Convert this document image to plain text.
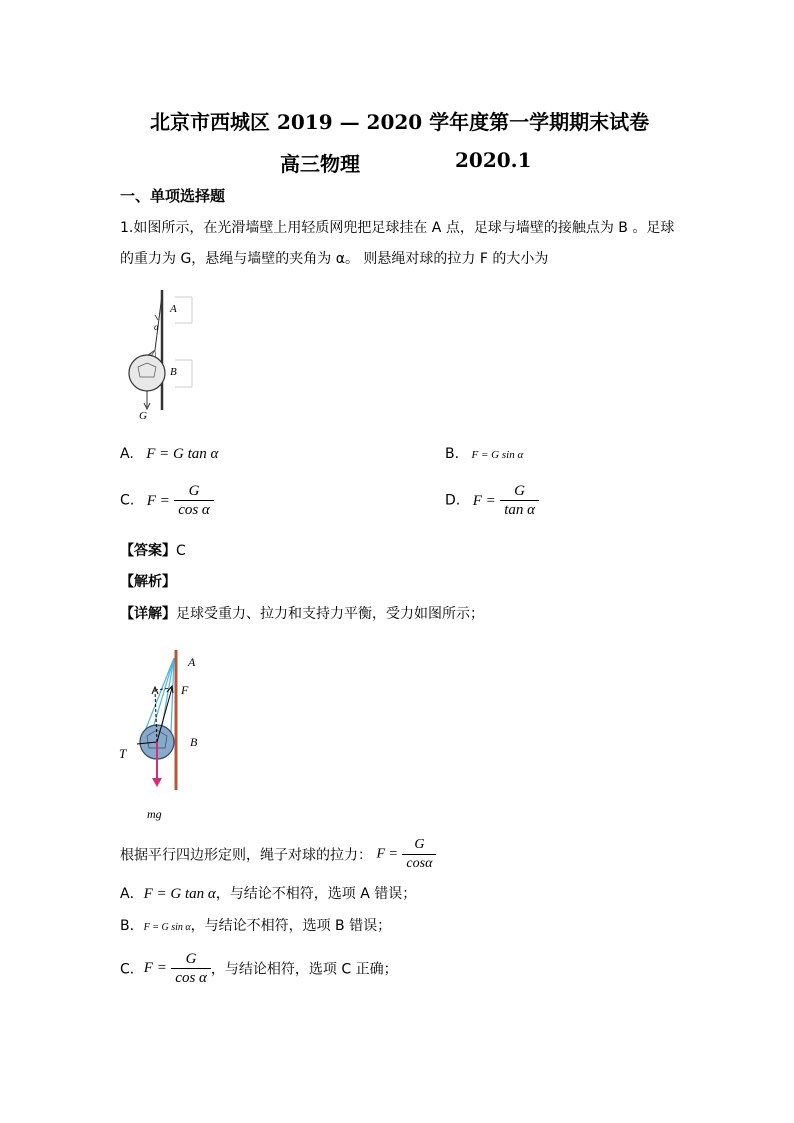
北京市西城区 2019 — 2020 学年度第一学期期末试卷
高三物理	2020.1
一、单项选择题
1.如图所示，在光滑墙壁上用轻质网兜把足球挂在 A 点，足球与墙壁的接触点为 B 。足球
的重力为 G，悬绳与墙壁的夹角为 α。 则悬绳对球的拉力 F 的大小为
A
α
B
G
A. F = G tan α	B. F = G sin α
C. $F = \frac{G}{\text{cos α}}$	D. $F = \frac{G}{\text{tan α}}$
【答案】C
【解析】
【详解】足球受重力、拉力和支持力平衡，受力如图所示；
A
F
B
T
mg
根据平行四边形定则，绳子对球的拉力： $F = \frac{G}{\cos\alpha}$
A．F = G tan α，与结论不相符，选项 A 错误；
B．F = G sin α，与结论不相符，选项 B 错误；
C．$F = \frac{G}{\text{cos α}}$ ，与结论相符，选项 C 正确；
